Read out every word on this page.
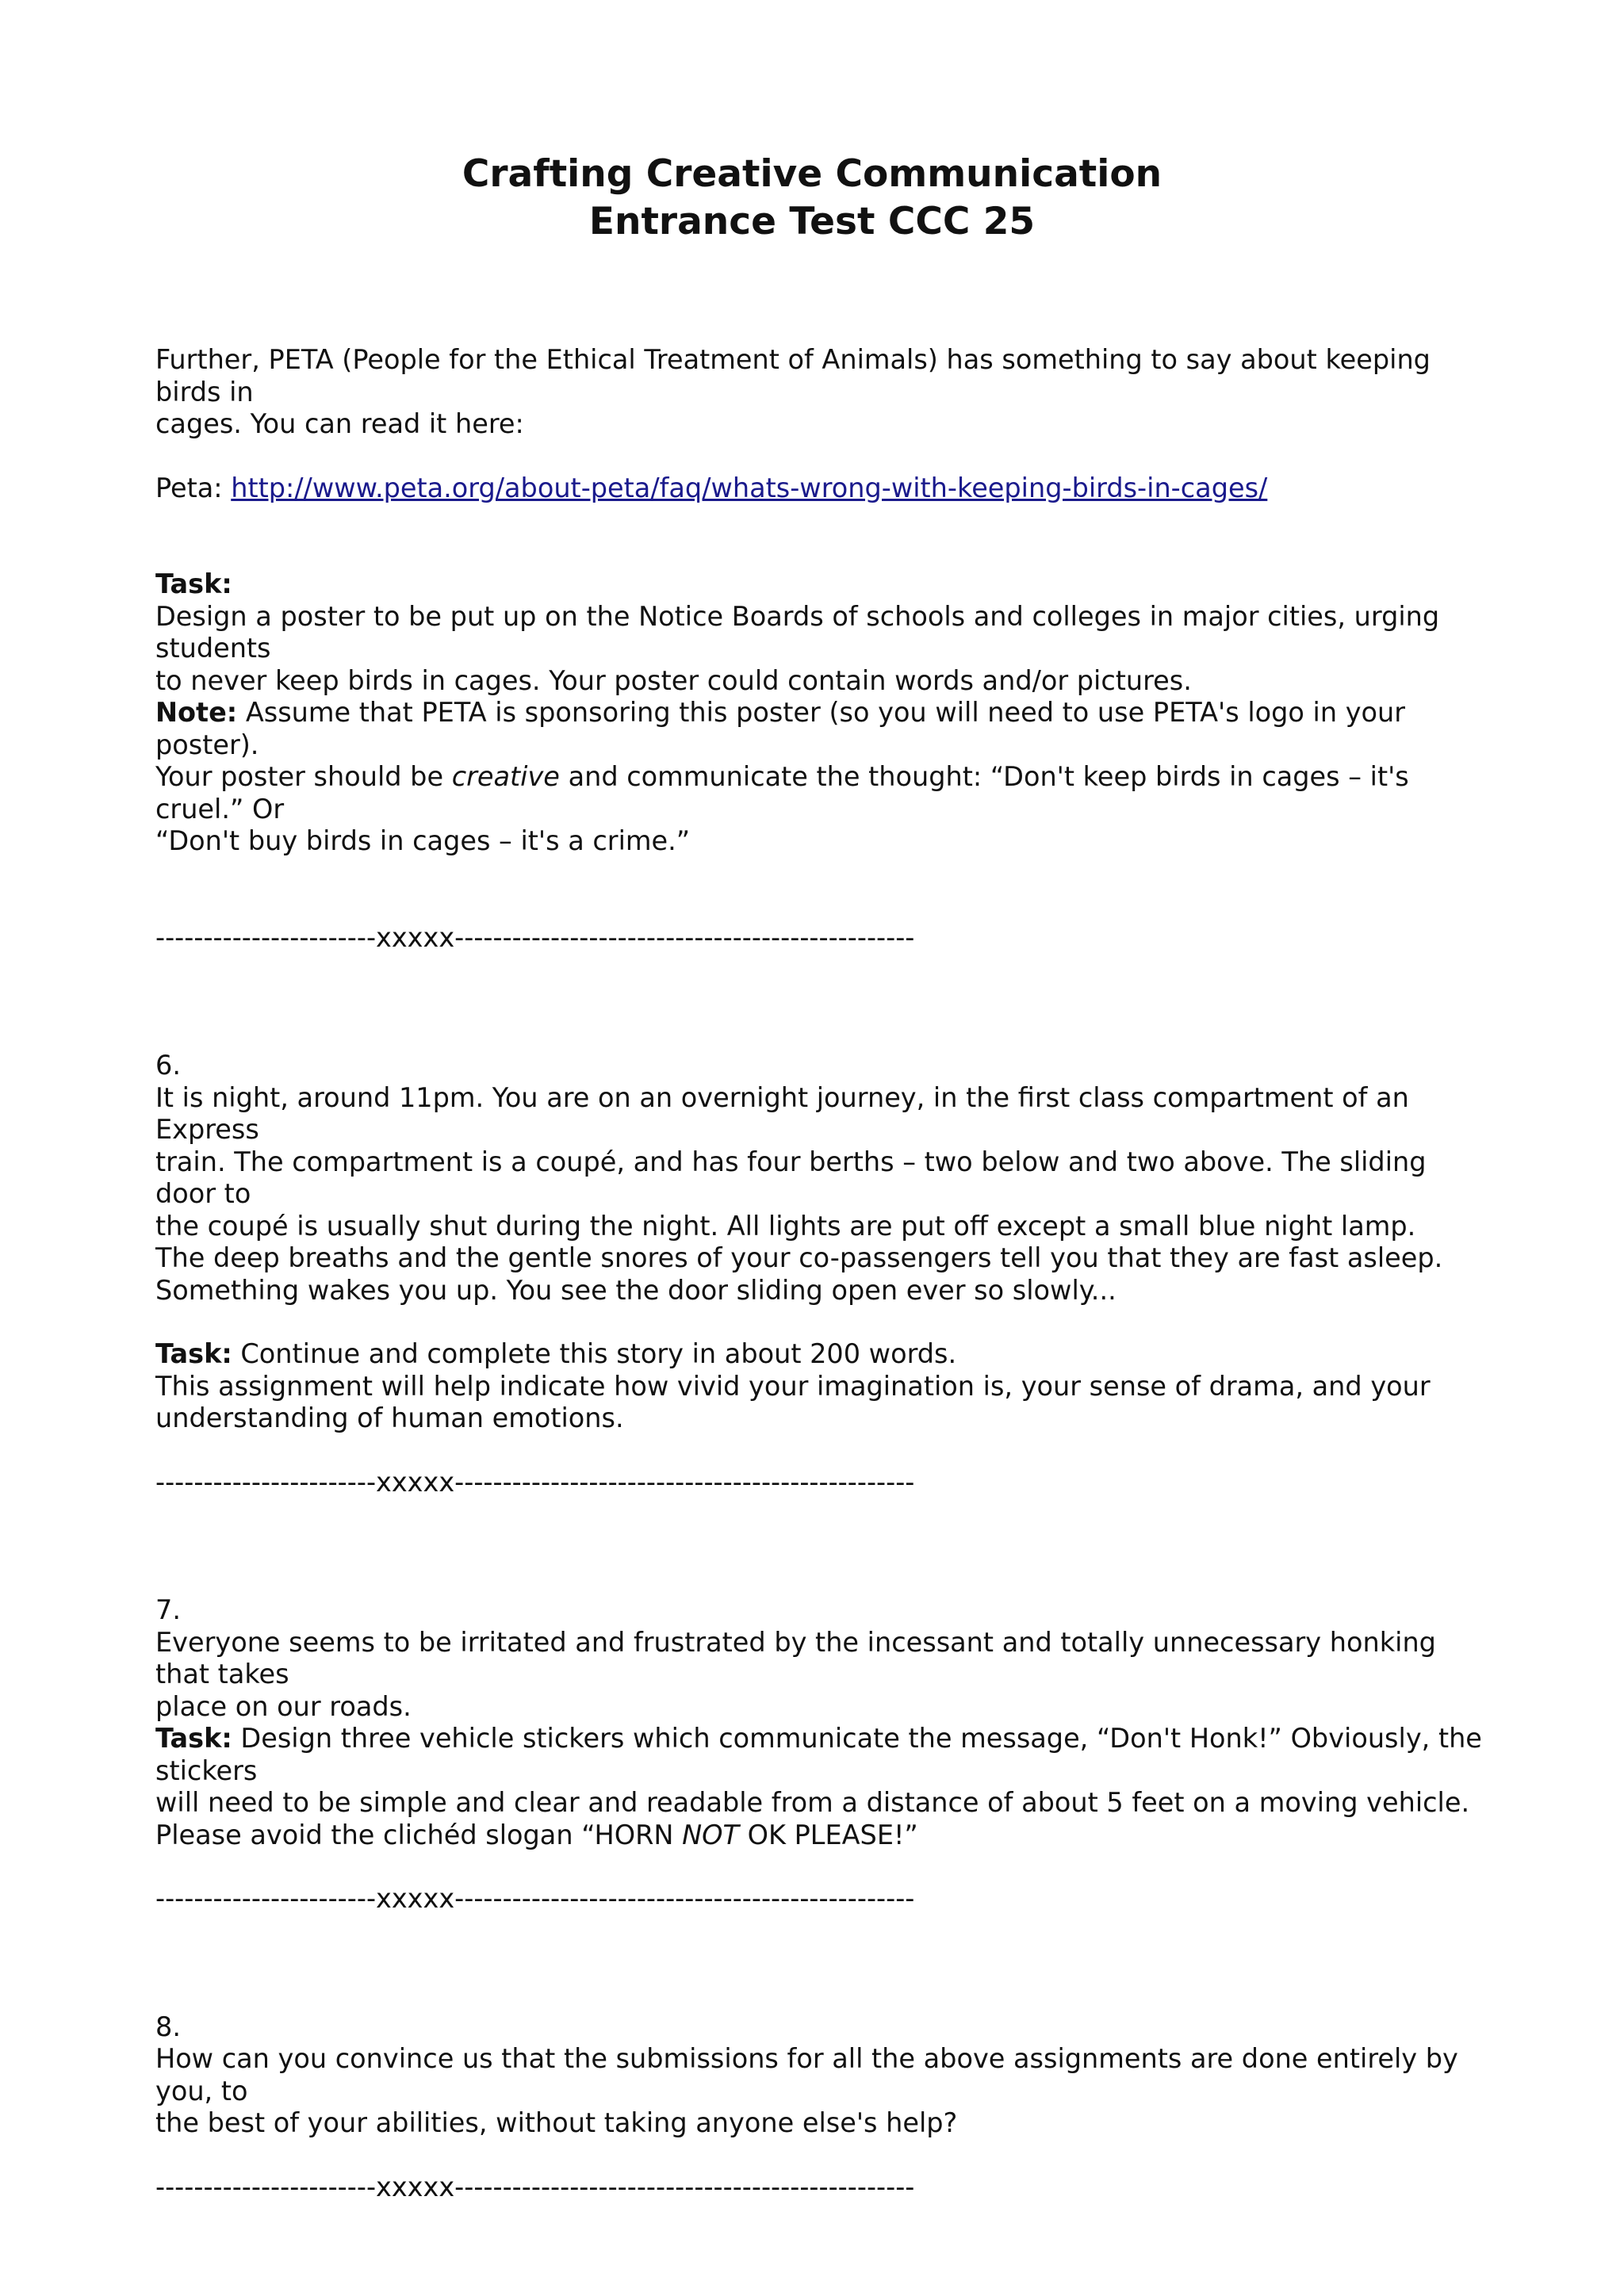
Crafting Creative Communication
Entrance Test CCC 25

Further, PETA (People for the Ethical Treatment of Animals) has something to say about keeping birds in

cages. You can read it here:

Peta: http://www.peta.org/about-peta/faq/whats-wrong-with-keeping-birds-in-cages/

Task:

Design a poster to be put up on the Notice Boards of schools and colleges in major cities, urging students

to never keep birds in cages. Your poster could contain words and/or pictures.

Note: Assume that PETA is sponsoring this poster (so you will need to use PETA's logo in your poster).

Your poster should be creative and communicate the thought: “Don't keep birds in cages – it's cruel.” Or

“Don't buy birds in cages – it's a crime.”

-----------------------xxxxx------------------------------------------------

6.

It is night, around 11pm. You are on an overnight journey, in the first class compartment of an Express

train. The compartment is a coupé, and has four berths – two below and two above. The sliding door to

the coupé is usually shut during the night. All lights are put off except a small blue night lamp.

The deep breaths and the gentle snores of your co-passengers tell you that they are fast asleep.

Something wakes you up. You see the door sliding open ever so slowly...

Task: Continue and complete this story in about 200 words.

This assignment will help indicate how vivid your imagination is, your sense of drama, and your

understanding of human emotions.

-----------------------xxxxx------------------------------------------------

7.

Everyone seems to be irritated and frustrated by the incessant and totally unnecessary honking that takes

place on our roads.

Task: Design three vehicle stickers which communicate the message, “Don't Honk!” Obviously, the stickers

will need to be simple and clear and readable from a distance of about 5 feet on a moving vehicle.

Please avoid the clichéd slogan “HORN NOT OK PLEASE!”

-----------------------xxxxx------------------------------------------------

8.

How can you convince us that the submissions for all the above assignments are done entirely by you, to

the best of your abilities, without taking anyone else's help?

-----------------------xxxxx------------------------------------------------
